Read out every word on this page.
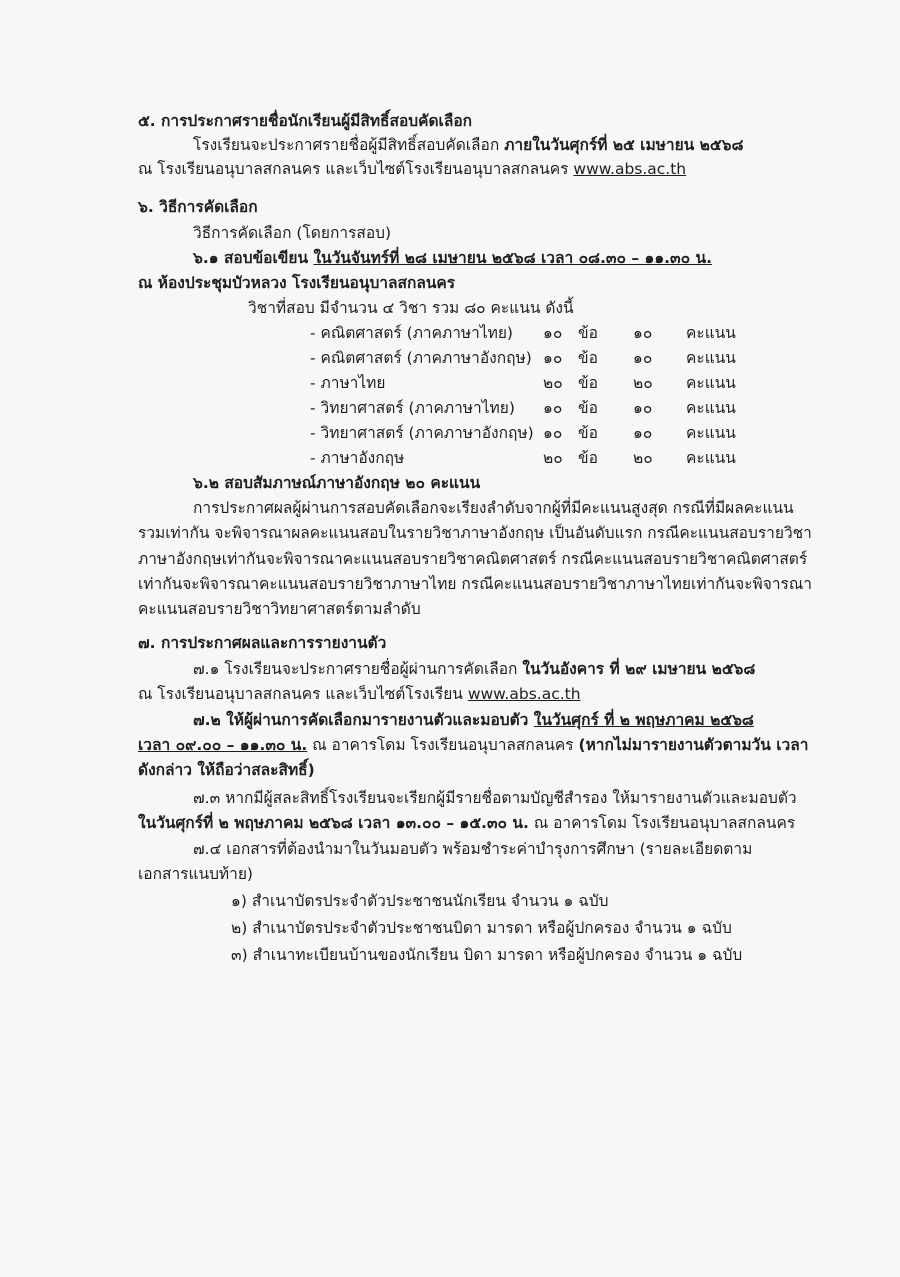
๕. การประกาศรายชื่อนักเรียนผู้มีสิทธิ์สอบคัดเลือก
โรงเรียนจะประกาศรายชื่อผู้มีสิทธิ์สอบคัดเลือก ภายในวันศุกร์ที่ ๒๕ เมษายน ๒๕๖๘
ณ โรงเรียนอนุบาลสกลนคร และเว็บไซต์โรงเรียนอนุบาลสกลนคร www.abs.ac.th
๖. วิธีการคัดเลือก
วิธีการคัดเลือก (โดยการสอบ)
๖.๑ สอบข้อเขียน ในวันจันทร์ที่ ๒๘ เมษายน ๒๕๖๘ เวลา ๐๘.๓๐ – ๑๑.๓๐ น.
ณ ห้องประชุมบัวหลวง โรงเรียนอนุบาลสกลนคร
วิชาที่สอบ มีจำนวน ๔ วิชา รวม ๘๐ คะแนน ดังนี้
- คณิตศาสตร์ (ภาคภาษาไทย) ๑๐ ข้อ ๑๐ คะแนน
- คณิตศาสตร์ (ภาคภาษาอังกฤษ) ๑๐ ข้อ ๑๐ คะแนน
- ภาษาไทย	๒๐ ข้อ ๒๐ คะแนน
- วิทยาศาสตร์ (ภาคภาษาไทย) ๑๐ ข้อ ๑๐ คะแนน
- วิทยาศาสตร์ (ภาคภาษาอังกฤษ) ๑๐ ข้อ ๑๐ คะแนน
- ภาษาอังกฤษ	๒๐ ข้อ ๒๐ คะแนน
๖.๒ สอบสัมภาษณ์ภาษาอังกฤษ ๒๐ คะแนน
การประกาศผลผู้ผ่านการสอบคัดเลือกจะเรียงลำดับจากผู้ที่มีคะแนนสูงสุด กรณีที่มีผลคะแนน
รวมเท่ากัน จะพิจารณาผลคะแนนสอบในรายวิชาภาษาอังกฤษ เป็นอันดับแรก กรณีคะแนนสอบรายวิชา
ภาษาอังกฤษเท่ากันจะพิจารณาคะแนนสอบรายวิชาคณิตศาสตร์ กรณีคะแนนสอบรายวิชาคณิตศาสตร์
เท่ากันจะพิจารณาคะแนนสอบรายวิชาภาษาไทย กรณีคะแนนสอบรายวิชาภาษาไทยเท่ากันจะพิจารณา
คะแนนสอบรายวิชาวิทยาศาสตร์ตามลำดับ
๗. การประกาศผลและการรายงานตัว
๗.๑ โรงเรียนจะประกาศรายชื่อผู้ผ่านการคัดเลือก ในวันอังคาร ที่ ๒๙ เมษายน ๒๕๖๘
ณ โรงเรียนอนุบาลสกลนคร และเว็บไซต์โรงเรียน www.abs.ac.th
๗.๒ ให้ผู้ผ่านการคัดเลือกมารายงานตัวและมอบตัว ในวันศุกร์ ที่ ๒ พฤษภาคม ๒๕๖๘
เวลา ๐๙.๐๐ – ๑๑.๓๐ น. ณ อาคารโดม โรงเรียนอนุบาลสกลนคร (หากไม่มารายงานตัวตามวัน เวลา
ดังกล่าว ให้ถือว่าสละสิทธิ์)
๗.๓ หากมีผู้สละสิทธิ์โรงเรียนจะเรียกผู้มีรายชื่อตามบัญชีสำรอง ให้มารายงานตัวและมอบตัว
ในวันศุกร์ที่ ๒ พฤษภาคม ๒๕๖๘ เวลา ๑๓.๐๐ – ๑๕.๓๐ น. ณ อาคารโดม โรงเรียนอนุบาลสกลนคร
๗.๔ เอกสารที่ต้องนำมาในวันมอบตัว พร้อมชำระค่าบำรุงการศึกษา (รายละเอียดตาม
เอกสารแนบท้าย)
๑) สำเนาบัตรประจำตัวประชาชนนักเรียน จำนวน ๑ ฉบับ
๒) สำเนาบัตรประจำตัวประชาชนบิดา มารดา หรือผู้ปกครอง จำนวน ๑ ฉบับ
๓) สำเนาทะเบียนบ้านของนักเรียน บิดา มารดา หรือผู้ปกครอง จำนวน ๑ ฉบับ
